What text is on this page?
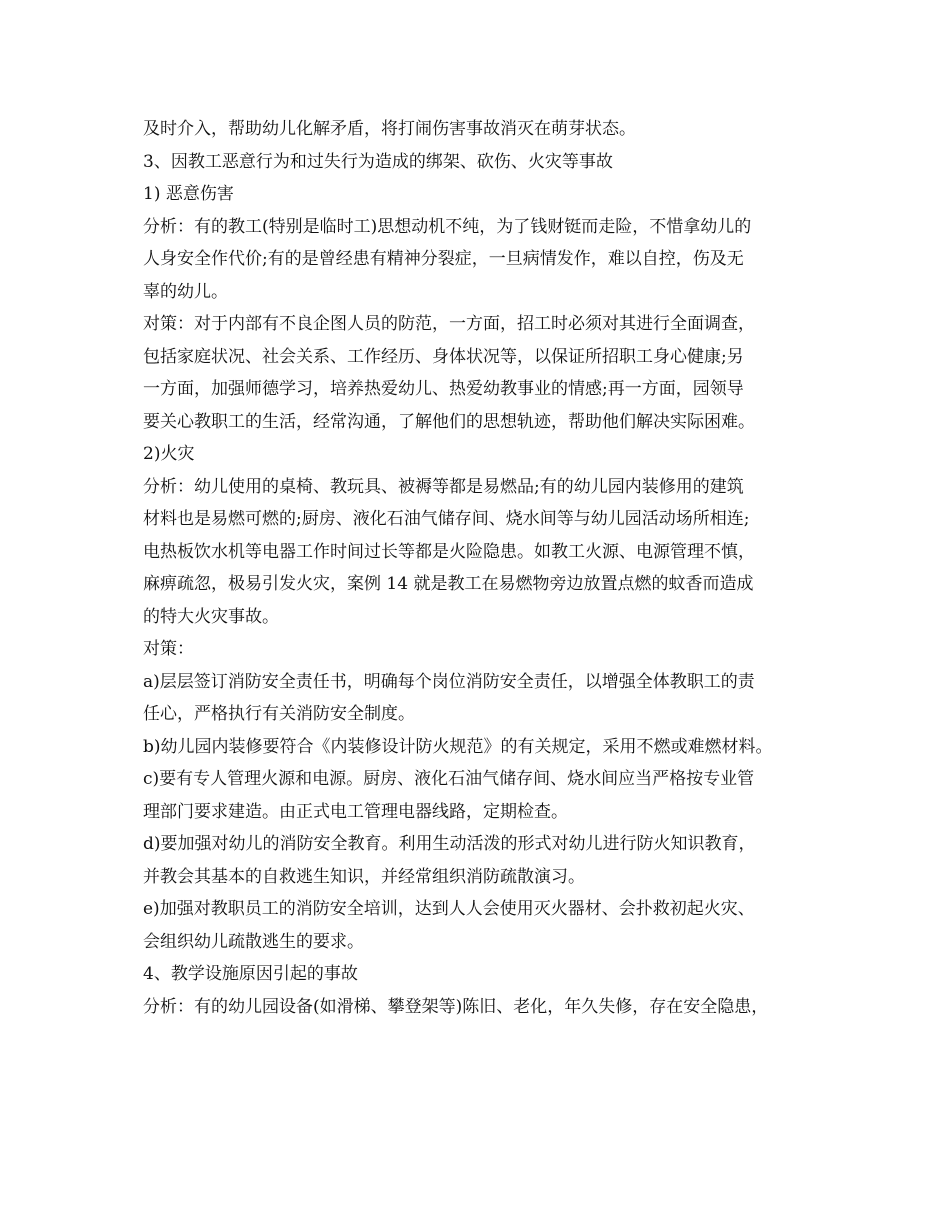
及时介入，帮助幼儿化解矛盾，将打闹伤害事故消灭在萌芽状态。
3、因教工恶意行为和过失行为造成的绑架、砍伤、火灾等事故
1) 恶意伤害
分析：有的教工(特别是临时工)思想动机不纯，为了钱财铤而走险，不惜拿幼儿的
人身安全作代价;有的是曾经患有精神分裂症，一旦病情发作，难以自控，伤及无
辜的幼儿。
对策：对于内部有不良企图人员的防范，一方面，招工时必须对其进行全面调查，
包括家庭状况、社会关系、工作经历、身体状况等，以保证所招职工身心健康;另
一方面，加强师德学习，培养热爱幼儿、热爱幼教事业的情感;再一方面，园领导
要关心教职工的生活，经常沟通，了解他们的思想轨迹，帮助他们解决实际困难。
2)火灾
分析：幼儿使用的桌椅、教玩具、被褥等都是易燃品;有的幼儿园内装修用的建筑
材料也是易燃可燃的;厨房、液化石油气储存间、烧水间等与幼儿园活动场所相连;
电热板饮水机等电器工作时间过长等都是火险隐患。如教工火源、电源管理不慎，
麻痹疏忽，极易引发火灾，案例 14 就是教工在易燃物旁边放置点燃的蚊香而造成
的特大火灾事故。
对策：
a)层层签订消防安全责任书，明确每个岗位消防安全责任，以增强全体教职工的责
任心，严格执行有关消防安全制度。
b)幼儿园内装修要符合《内装修设计防火规范》的有关规定，采用不燃或难燃材料。
c)要有专人管理火源和电源。厨房、液化石油气储存间、烧水间应当严格按专业管
理部门要求建造。由正式电工管理电器线路，定期检查。
d)要加强对幼儿的消防安全教育。利用生动活泼的形式对幼儿进行防火知识教育，
并教会其基本的自救逃生知识，并经常组织消防疏散演习。
e)加强对教职员工的消防安全培训，达到人人会使用灭火器材、会扑救初起火灾、
会组织幼儿疏散逃生的要求。
4、教学设施原因引起的事故
分析：有的幼儿园设备(如滑梯、攀登架等)陈旧、老化，年久失修，存在安全隐患，
